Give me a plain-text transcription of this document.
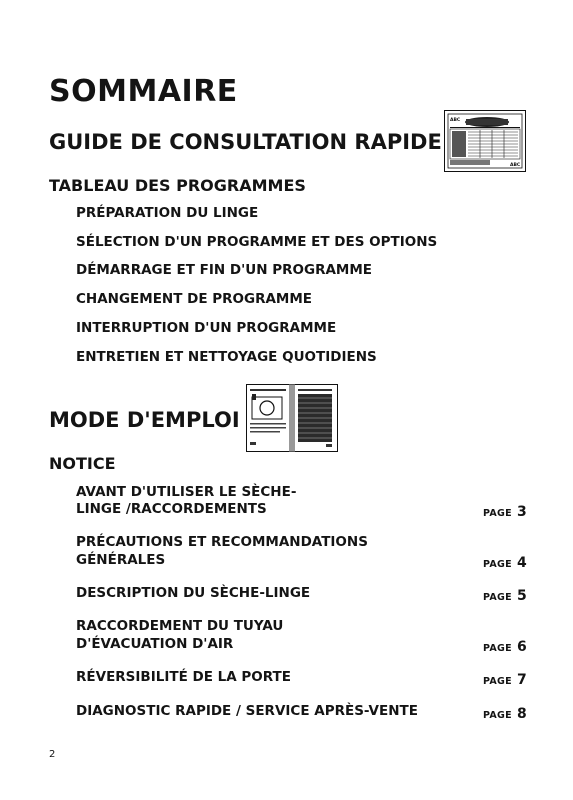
SOMMAIRE
GUIDE DE CONSULTATION RAPIDE
ABC
ABC
TABLEAU DES PROGRAMMES
PRÉPARATION DU LINGE
SÉLECTION D'UN PROGRAMME ET DES OPTIONS
DÉMARRAGE ET FIN D'UN PROGRAMME
CHANGEMENT DE PROGRAMME
INTERRUPTION D'UN PROGRAMME
ENTRETIEN ET NETTOYAGE QUOTIDIENS
MODE D'EMPLOI
NOTICE
AVANT D'UTILISER LE SÈCHE-
LINGE /RACCORDEMENTS	PAGE 3
PRÉCAUTIONS ET RECOMMANDATIONS
GÉNÉRALES	PAGE 4
DESCRIPTION DU SÈCHE-LINGE	PAGE 5
RACCORDEMENT DU TUYAU
D'ÉVACUATION D'AIR	PAGE 6
RÉVERSIBILITÉ DE LA PORTE	PAGE 7
DIAGNOSTIC RAPIDE / SERVICE APRÈS-VENTE	PAGE 8
2
